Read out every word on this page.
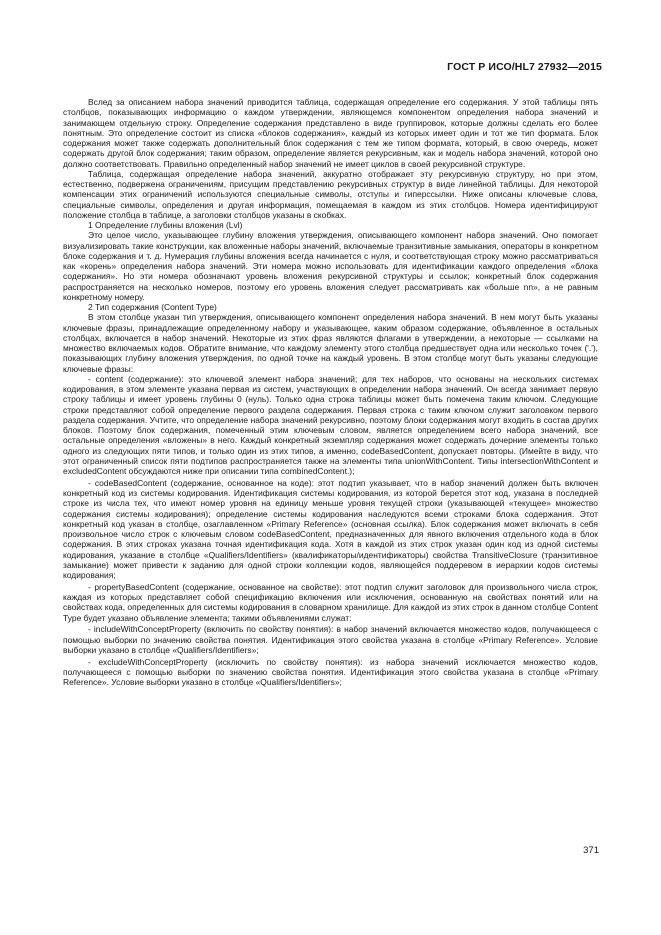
ГОСТ Р ИСО/HL7 27932—2015

Вслед за описанием набора значений приводится таблица, содержащая определение его содержания. У этой таблицы пять столбцов, показывающих информацию о каждом утверждении, являющемся компонентом определения набора значений и занимающем отдельную строку. Определение содержания представлено в виде группировок, которые должны сделать его более понятным. Это определение состоит из списка «блоков содержания», каждый из которых имеет один и тот же тип формата. Блок содержания может также содержать дополнительный блок содержания с тем же типом формата, который, в свою очередь, может содержать другой блок содержания; таким образом, определение является рекурсивным, как и модель набора значений, которой оно должно соответствовать. Правильно определенный набор значений не имеет циклов в своей рекурсивной структуре.

Таблица, содержащая определение набора значений, аккуратно отображает эту рекурсивную структуру, но при этом, естественно, подвержена ограничениям, присущим представлению рекурсивных структур в виде линейной таблицы. Для некоторой компенсации этих ограничений используются специальные символы, отступы и гиперссылки. Ниже описаны ключевые слова, специальные символы, определения и другая информация, помещаемая в каждом из этих столбцов. Номера идентифицируют положение столбца в таблице, а заголовки столбцов указаны в скобках.

1 Определение глубины вложения (Lvl)

Это целое число, указывающее глубину вложения утверждения, описывающего компонент набора значений. Оно помогает визуализировать такие конструкции, как вложенные наборы значений, включаемые транзитивные замыкания, операторы в конкретном блоке содержания и т. д. Нумерация глубины вложения всегда начинается с нуля, и соответствующая строку можно рассматриваться как «корень» определения набора значений. Эти номера можно использовать для идентификации каждого определения «блока содержания». Но эти номера обозначают уровень вложения рекурсивной структуры и ссылок; конкретный блок содержания распространяется на несколько номеров, поэтому его уровень вложения следует рассматривать как «больше nn», а не равным конкретному номеру.

2 Тип содержания (Content Type)

В этом столбце указан тип утверждения, описывающего компонент определения набора значений. В нем могут быть указаны ключевые фразы, принадлежащие определенному набору и указывающее, каким образом содержание, объявленное в остальных столбцах, включается в набор значений. Некоторые из этих фраз являются флагами в утверждении, а некоторые — ссылками на множество включаемых кодов. Обратите внимание, что каждому элементу этого столбца предшествует одна или несколько точек ('.'), показывающих глубину вложения утверждения, по одной точке на каждый уровень. В этом столбце могут быть указаны следующие ключевые фразы:

- content (содержание): это ключевой элемент набора значений; для тех наборов, что основаны на нескольких системах кодирования, в этом элементе указана первая из систем, участвующих в определении набора значений. Он всегда занимает первую строку таблицы и имеет уровень глубины 0 (нуль). Только одна строка таблицы может быть помечена таким ключом. Следующие строки представляют собой определение первого раздела содержания. Первая строка с таким ключом служит заголовком первого раздела содержания. Учтите, что определение набора значений рекурсивно, поэтому блоки содержания могут входить в состав других блоков. Поэтому блок содержания, помеченный этим ключевым словом, является определением всего набора значений, все остальные определения «вложены» в него. Каждый конкретный экземпляр содержания может содержать дочерние элементы только одного из следующих пяти типов, и только один из этих типов, а именно, codeBasedContent, допускает повторы. (Имейте в виду, что этот ограниченный список пяти подтипов распространяется также на элементы типа unionWithContent. Типы intersectionWithContent и excludedContent обсуждаются ниже при описании типа combinedContent.);

- codeBasedContent (содержание, основанное на коде): этот подтип указывает, что в набор значений должен быть включен конкретный код из системы кодирования. Идентификация системы кодирования, из которой берется этот код, указана в последней строке из числа тех, что имеют номер уровня на единицу меньше уровня текущей строки (указывающей «текущее» множество содержания системы кодирования); определение системы кодирования наследуются всеми строками блока содержания. Этот конкретный код указан в столбце, озаглавленном «Primary Reference» (основная ссылка). Блок содержания может включать в себя произвольное число строк с ключевым словом codeBasedContent, предназначенных для явного включения отдельного кода в блок содержания. В этих строках указана точная идентификация кода. Хотя в каждой из этих строк указан один код из одной системы кодирования, указание в столбце «Qualifiers/Identifiers» (квалификаторы/идентификаторы) свойства TransitiveClosure (транзитивное замыкание) может привести к заданию для одной строки коллекции кодов, являющейся поддеревом в иерархии кодов системы кодирования;

- propertyBasedContent (содержание, основанное на свойстве): этот подтип служит заголовок для произвольного числа строк, каждая из которых представляет собой спецификацию включения или исключения, основанную на свойствах понятий или на свойствах кода, определенных для системы кодирования в словарном хранилище. Для каждой из этих строк в данном столбце Content Type будет указано объявление элемента; такими объявлениями служат:

- includeWithConceptProperty (включить по свойству понятия): в набор значений включается множество кодов, получающееся с помощью выборки по значению свойства понятия. Идентификация этого свойства указана в столбце «Primary Reference». Условие выборки указано в столбце «Qualifiers/Identifiers»;

- excludeWithConceptProperty (исключить по свойству понятия): из набора значений исключается множество кодов, получающееся с помощью выборки по значению свойства понятия. Идентификация этого свойства указана в столбце «Primary Reference». Условие выборки указано в столбце «Qualifiers/Identifiers»;

371
